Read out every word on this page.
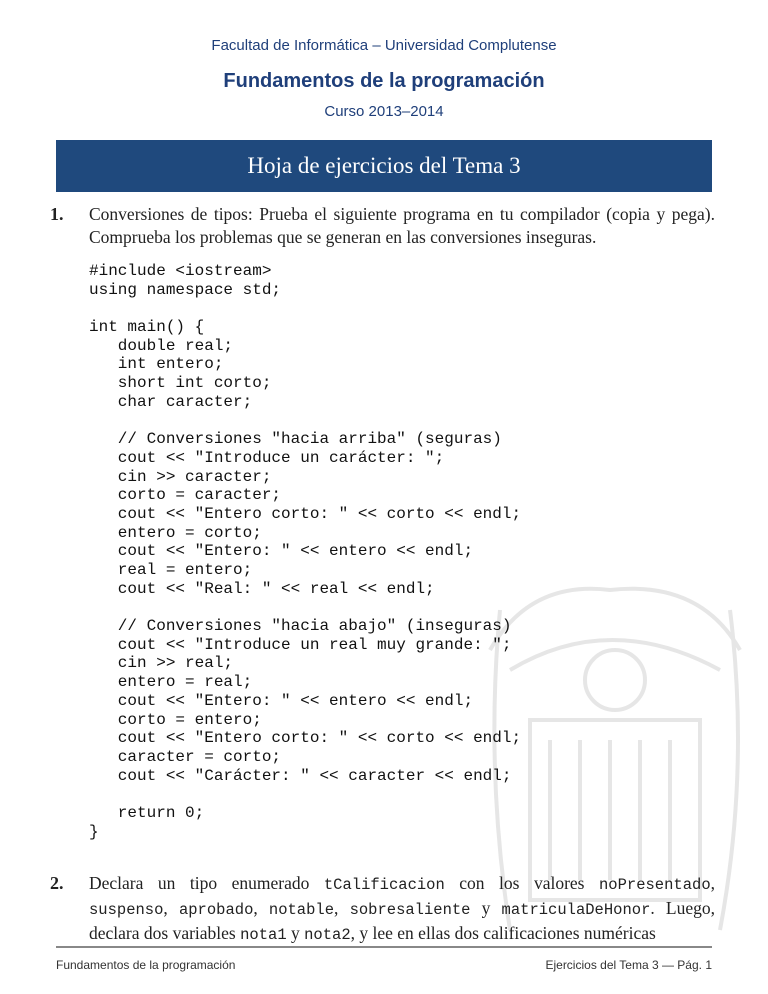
Facultad de Informática – Universidad Complutense
Fundamentos de la programación
Curso 2013–2014
Hoja de ejercicios del Tema 3
1. Conversiones de tipos: Prueba el siguiente programa en tu compilador (copia y pega). Comprueba los problemas que se generan en las conversiones inseguras.
#include <iostream>
using namespace std;
int main() {
double real;
int entero;
short int corto;
char caracter;
// Conversiones "hacia arriba" (seguras)
cout << "Introduce un carácter: ";
cin >> caracter;
corto = caracter;
cout << "Entero corto: " << corto << endl;
entero = corto;
cout << "Entero: " << entero << endl;
real = entero;
cout << "Real: " << real << endl;
// Conversiones "hacia abajo" (inseguras)
cout << "Introduce un real muy grande: ";
cin >> real;
entero = real;
cout << "Entero: " << entero << endl;
corto = entero;
cout << "Entero corto: " << corto << endl;
caracter = corto;
cout << "Carácter: " << caracter << endl;
return 0;
}
2. Declara un tipo enumerado tCalificacion con los valores noPresentado, suspenso, aprobado, notable, sobresaliente y matriculaDeHonor. Luego, declara dos variables nota1 y nota2, y lee en ellas dos calificaciones numéricas
Fundamentos de la programación	Ejercicios del Tema 3 — Pág. 1
